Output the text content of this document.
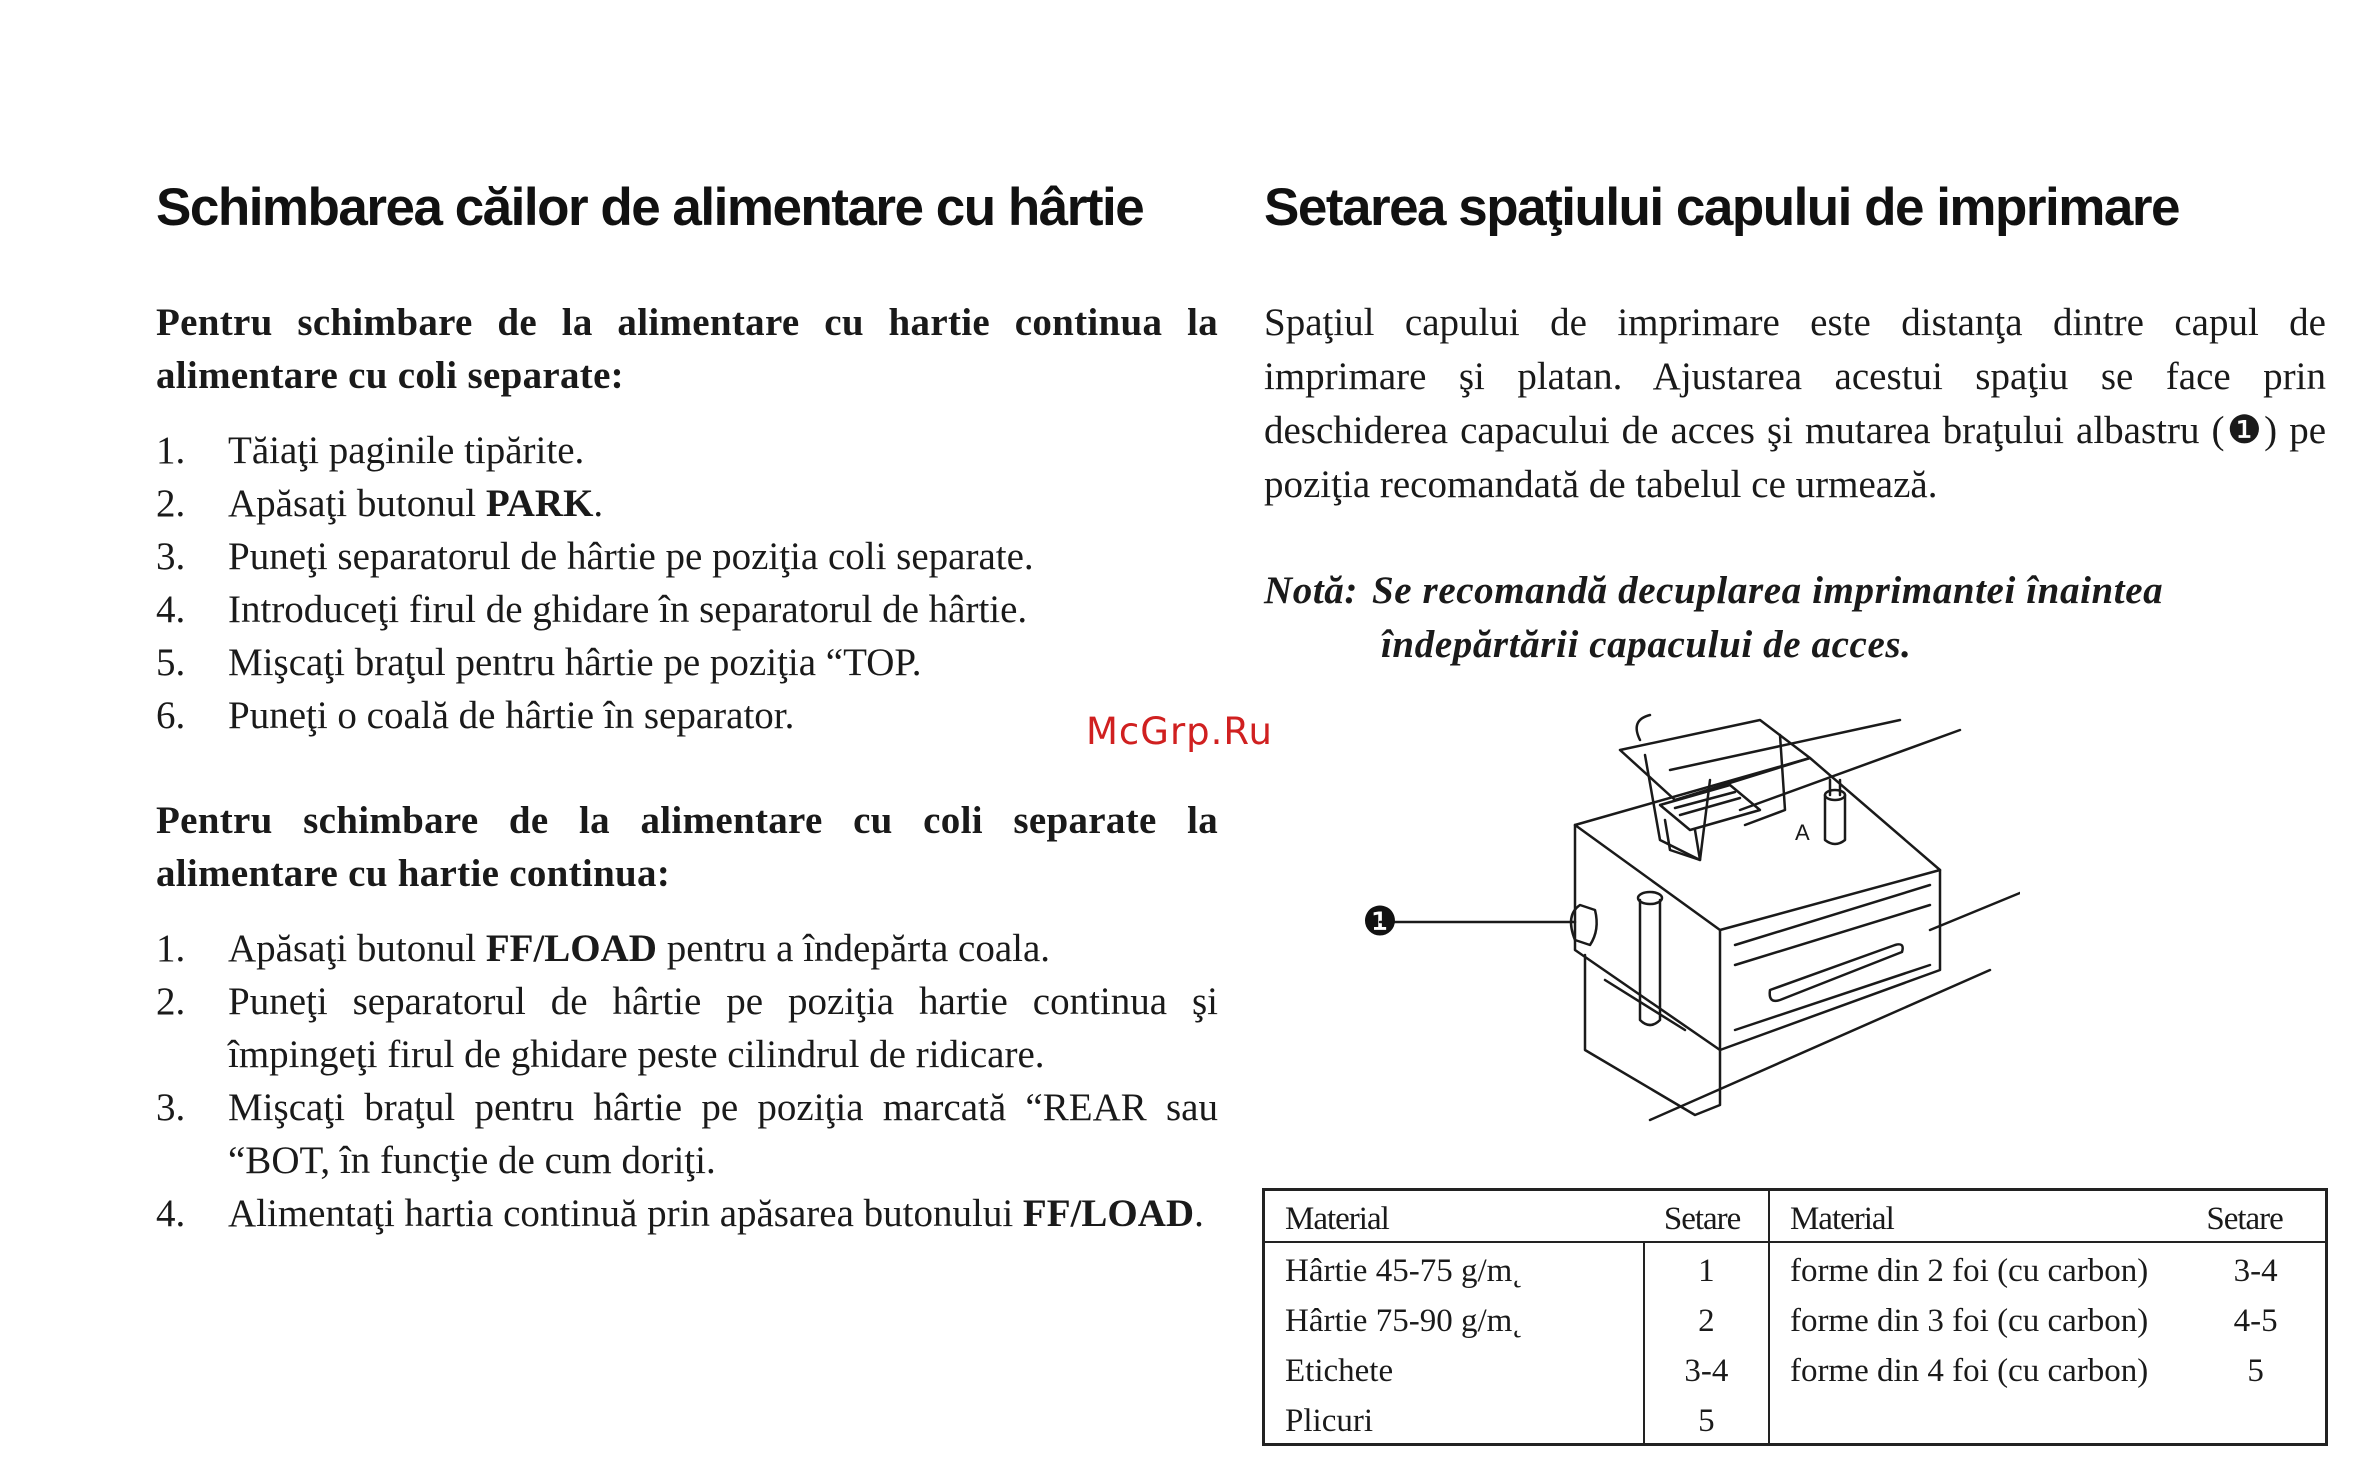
Schimbarea căilor de alimentare cu hârtie

Pentru schimbare de la alimentare cu hartie continua la alimentare cu coli separate:

1.	Tăiaţi paginile tipărite.
2.	Apăsaţi butonul PARK.
3.	Puneţi separatorul de hârtie pe poziţia coli separate.
4.	Introduceţi firul de ghidare în separatorul de hârtie.
5.	Mişcaţi braţul pentru hârtie pe poziţia “TOP.
6.	Puneţi o coală de hârtie în separator.

Pentru schimbare de la alimentare cu coli separate la alimentare cu hartie continua:

1.	Apăsaţi butonul FF/LOAD pentru a îndepărta coala.
2.	Puneţi separatorul de hârtie pe poziţia hartie continua şi împingeţi firul de ghidare peste cilindrul de ridicare.
3.	Mişcaţi braţul pentru hârtie pe poziţia marcată “REAR sau “BOT, în funcţie de cum doriţi.
4.	Alimentaţi hartia continuă prin apăsarea butonului FF/LOAD.
McGrp.Ru
Setarea spaţiului capului de imprimare

Spaţiul capului de imprimare este distanţa dintre capul de imprimare şi platan. Ajustarea acestui spaţiu se face prin deschiderea capacului de acces şi mutarea braţului albastru (❶) pe poziţia recomandată de tabelul ce urmează.

Notă: Se recomandă decuplarea imprimantei înaintea
îndepărtării capacului de acces.
A
❶
Material	Setare	Material	Setare
Hârtie 45-75 g/m˛	1	forme din 2 foi (cu carbon)	3-4
Hârtie 75-90 g/m˛	2	forme din 3 foi (cu carbon)	4-5
Etichete	3-4	forme din 4 foi (cu carbon)	5
Plicuri	5		
